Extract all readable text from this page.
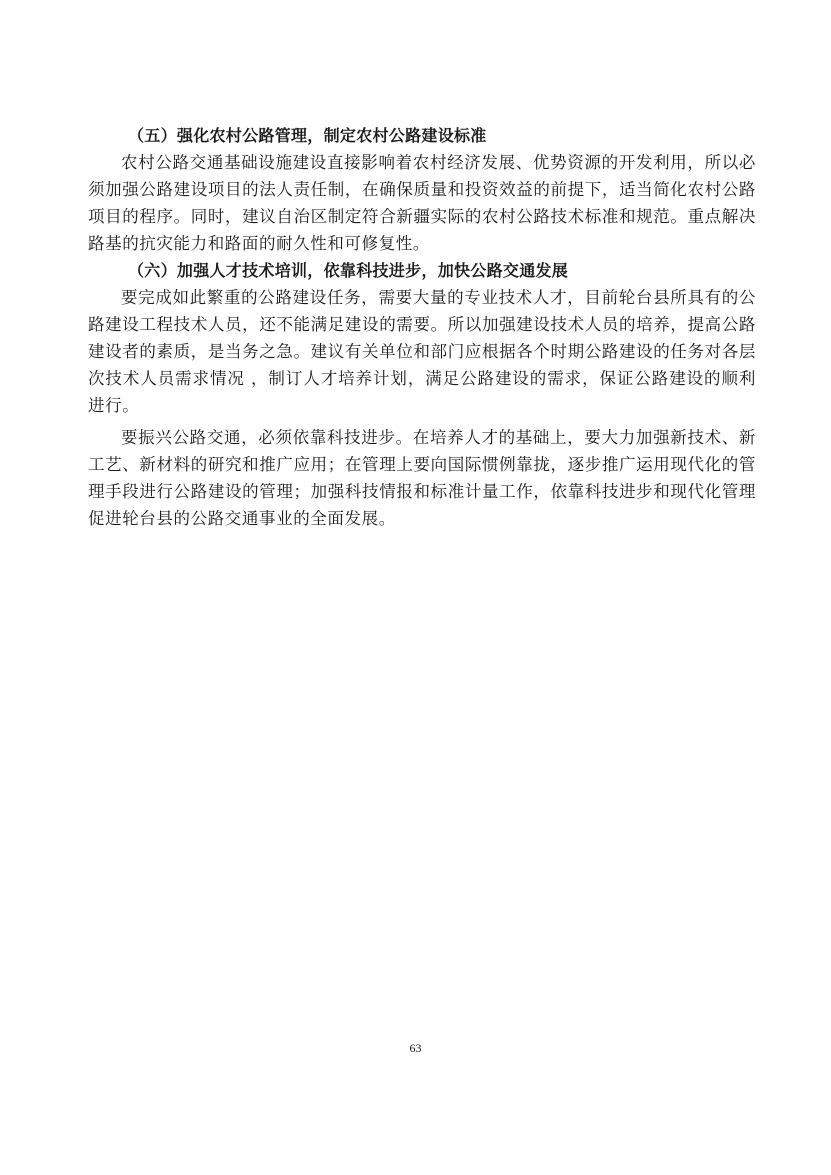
（五）强化农村公路管理，制定农村公路建设标准

农村公路交通基础设施建设直接影响着农村经济发展、优势资源的开发利用，所以必须加强公路建设项目的法人责任制，在确保质量和投资效益的前提下，适当简化农村公路项目的程序。同时，建议自治区制定符合新疆实际的农村公路技术标准和规范。重点解决路基的抗灾能力和路面的耐久性和可修复性。

（六）加强人才技术培训，依靠科技进步，加快公路交通发展

要完成如此繁重的公路建设任务，需要大量的专业技术人才，目前轮台县所具有的公路建设工程技术人员，还不能满足建设的需要。所以加强建设技术人员的培养，提高公路建设者的素质，是当务之急。建议有关单位和部门应根据各个时期公路建设的任务对各层次技术人员需求情况 ，制订人才培养计划，满足公路建设的需求，保证公路建设的顺利进行。

要振兴公路交通，必须依靠科技进步。在培养人才的基础上，要大力加强新技术、新工艺、新材料的研究和推广应用；在管理上要向国际惯例靠拢，逐步推广运用现代化的管理手段进行公路建设的管理；加强科技情报和标准计量工作，依靠科技进步和现代化管理促进轮台县的公路交通事业的全面发展。

63
